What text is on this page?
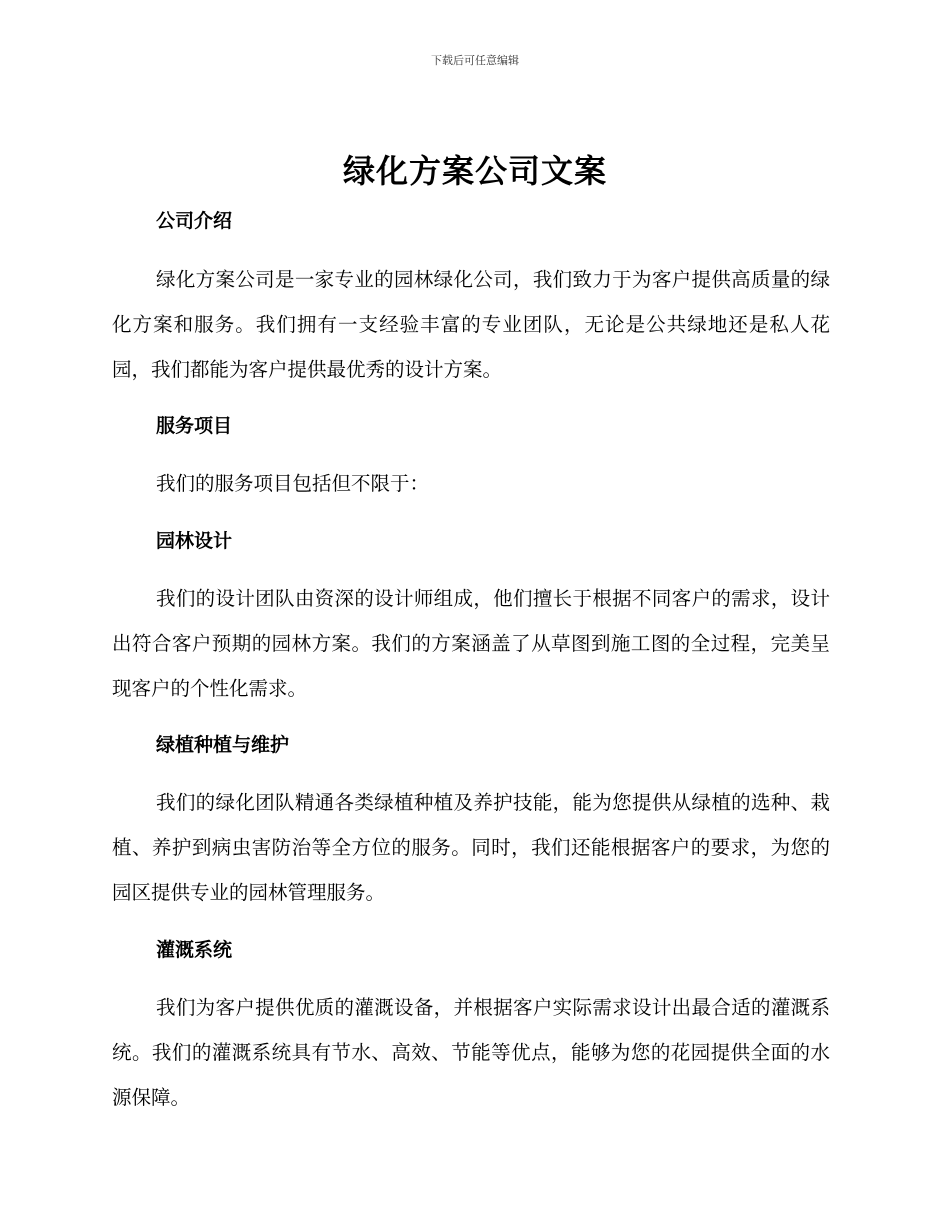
下载后可任意编辑
绿化方案公司文案
公司介绍
绿化方案公司是一家专业的园林绿化公司，我们致力于为客户提供高质量的绿化方案和服务。我们拥有一支经验丰富的专业团队，无论是公共绿地还是私人花园，我们都能为客户提供最优秀的设计方案。
服务项目
我们的服务项目包括但不限于：
园林设计
我们的设计团队由资深的设计师组成，他们擅长于根据不同客户的需求，设计出符合客户预期的园林方案。我们的方案涵盖了从草图到施工图的全过程，完美呈现客户的个性化需求。
绿植种植与维护
我们的绿化团队精通各类绿植种植及养护技能，能为您提供从绿植的选种、栽植、养护到病虫害防治等全方位的服务。同时，我们还能根据客户的要求，为您的园区提供专业的园林管理服务。
灌溉系统
我们为客户提供优质的灌溉设备，并根据客户实际需求设计出最合适的灌溉系统。我们的灌溉系统具有节水、高效、节能等优点，能够为您的花园提供全面的水源保障。
